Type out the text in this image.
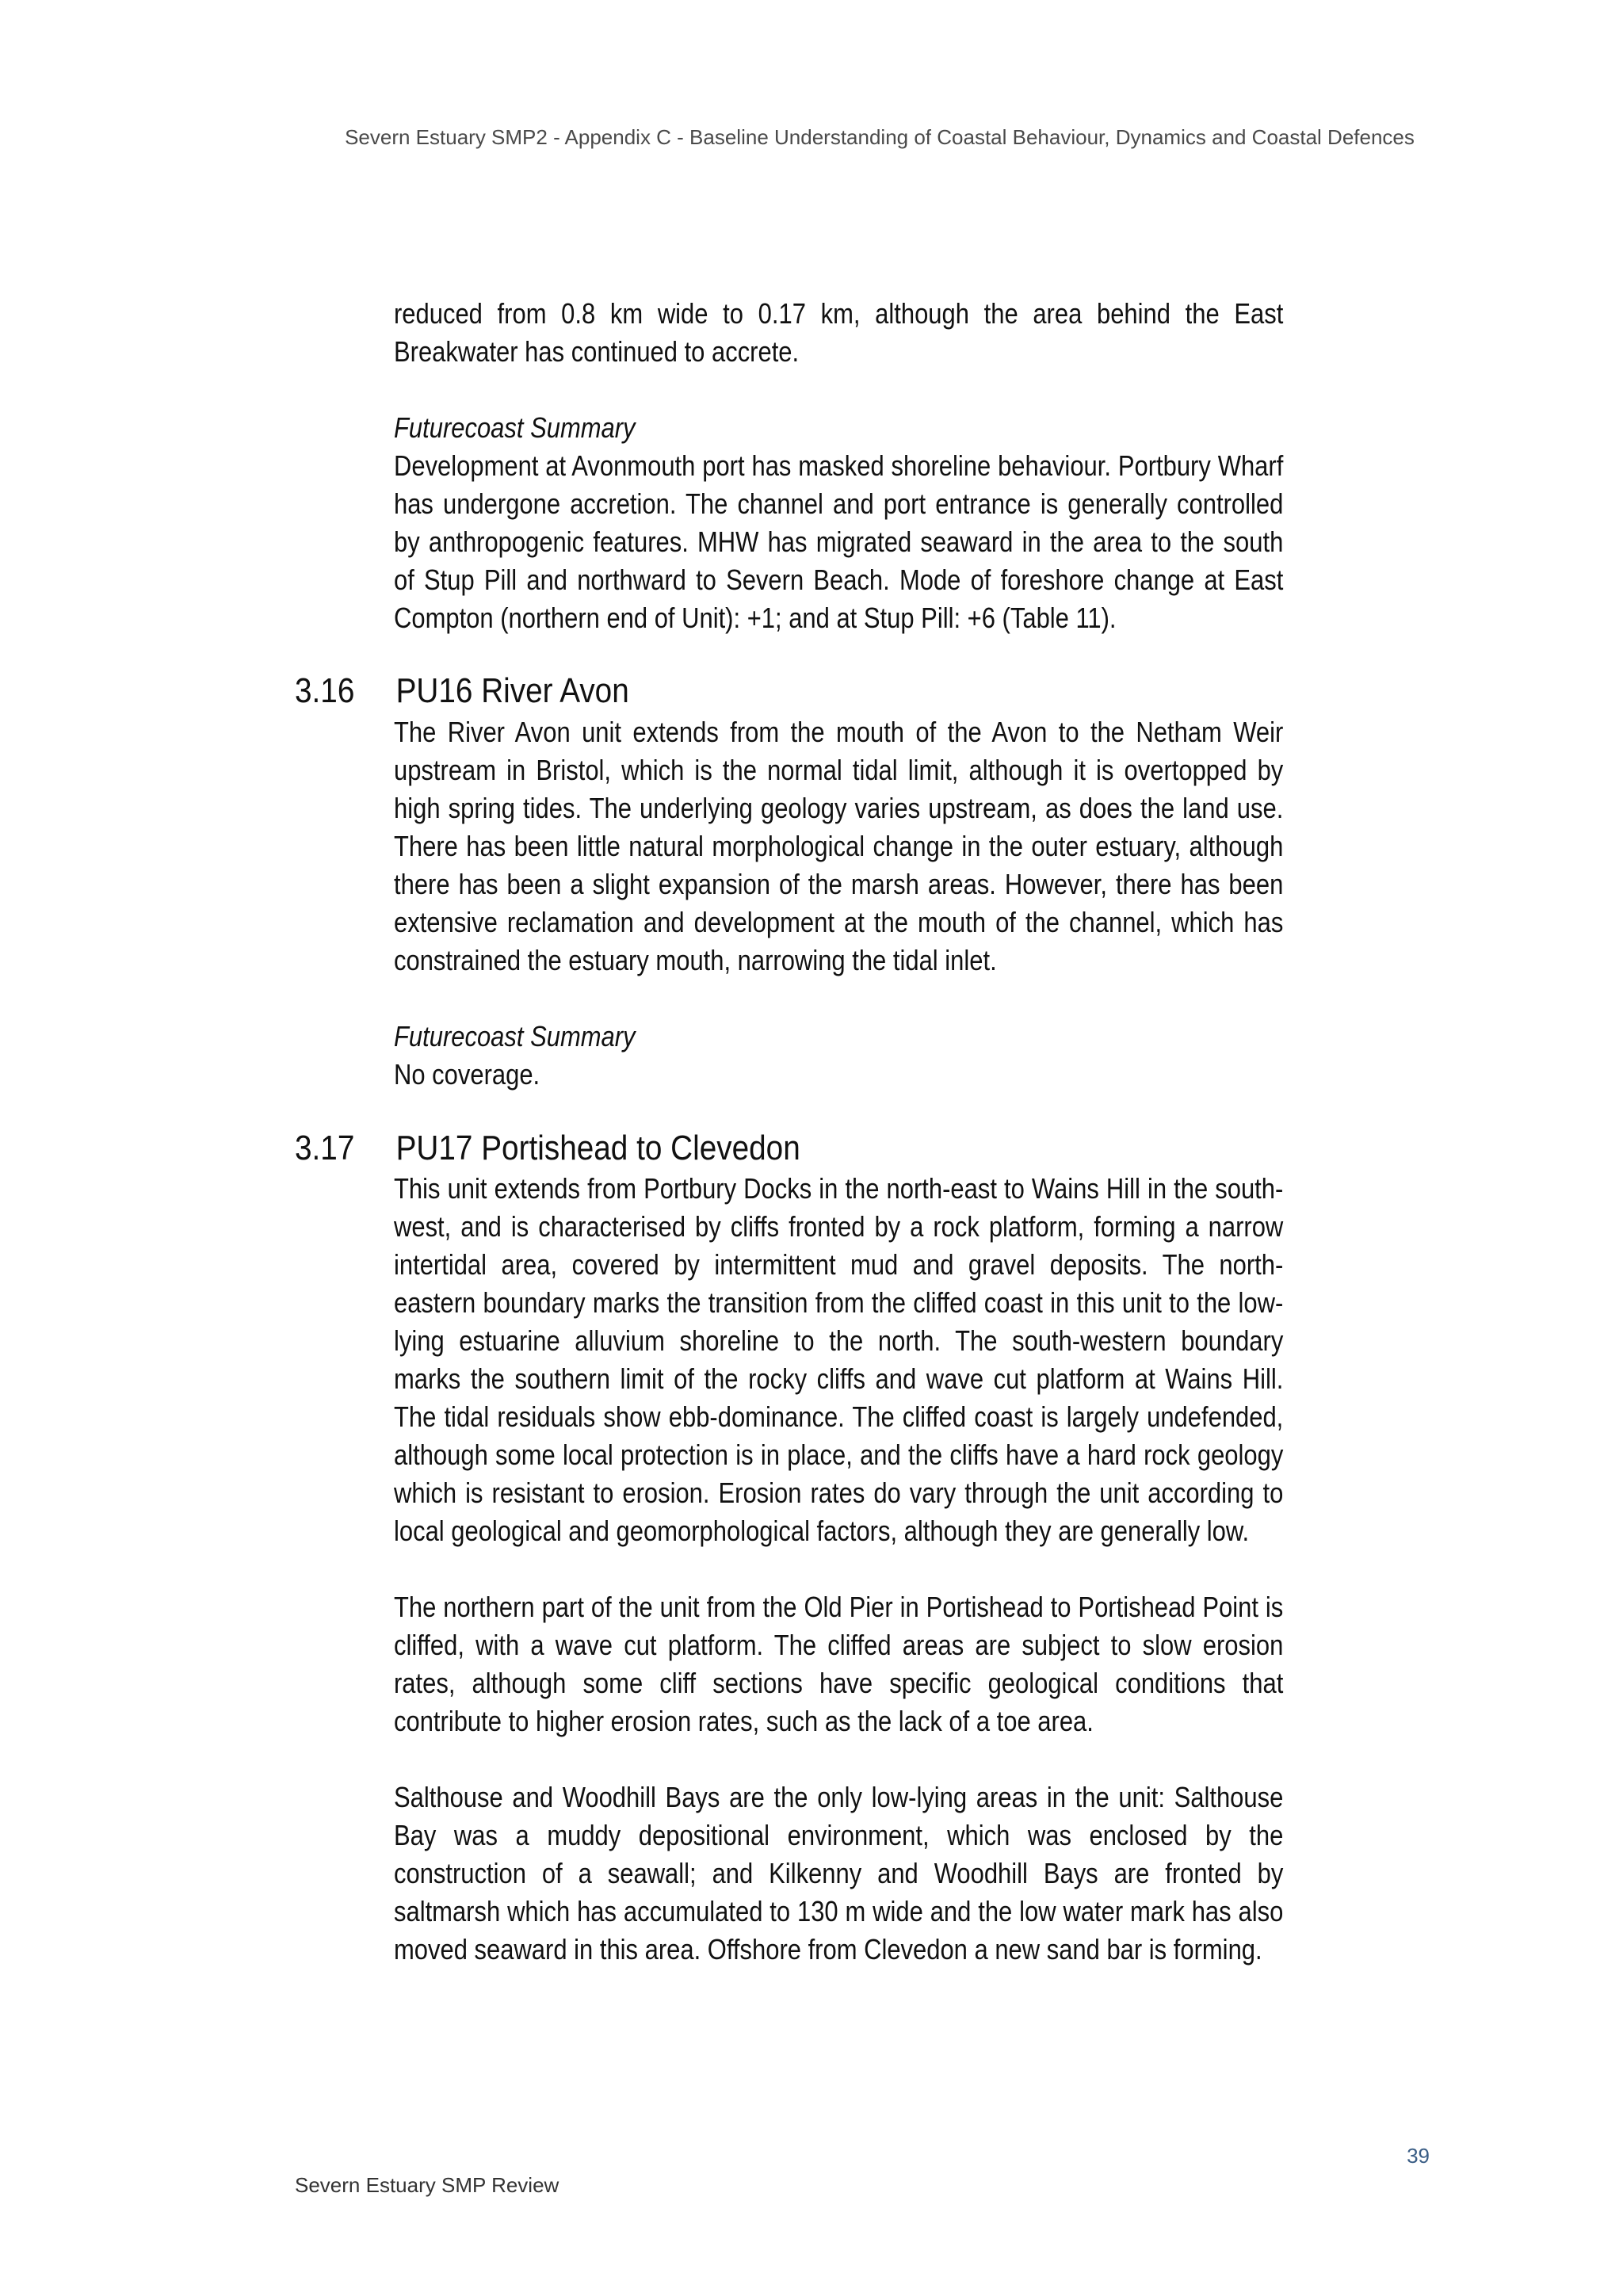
Severn Estuary SMP2 - Appendix C - Baseline Understanding of Coastal Behaviour, Dynamics and Coastal Defences

reduced from 0.8 km wide to 0.17 km, although the area behind the East Breakwater has continued to accrete.

Futurecoast Summary

Development at Avonmouth port has masked shoreline behaviour. Portbury Wharf has undergone accretion. The channel and port entrance is generally controlled by anthropogenic features. MHW has migrated seaward in the area to the south of Stup Pill and northward to Severn Beach. Mode of foreshore change at East Compton (northern end of Unit): +1; and at Stup Pill: +6 (Table 11).

3.16 PU16 River Avon

The River Avon unit extends from the mouth of the Avon to the Netham Weir upstream in Bristol, which is the normal tidal limit, although it is overtopped by high spring tides. The underlying geology varies upstream, as does the land use. There has been little natural morphological change in the outer estuary, although there has been a slight expansion of the marsh areas. However, there has been extensive reclamation and development at the mouth of the channel, which has constrained the estuary mouth, narrowing the tidal inlet.

Futurecoast Summary

No coverage.

3.17 PU17 Portishead to Clevedon

This unit extends from Portbury Docks in the north-east to Wains Hill in the south-west, and is characterised by cliffs fronted by a rock platform, forming a narrow intertidal area, covered by intermittent mud and gravel deposits. The north-eastern boundary marks the transition from the cliffed coast in this unit to the low-lying estuarine alluvium shoreline to the north. The south-western boundary marks the southern limit of the rocky cliffs and wave cut platform at Wains Hill. The tidal residuals show ebb-dominance. The cliffed coast is largely undefended, although some local protection is in place, and the cliffs have a hard rock geology which is resistant to erosion. Erosion rates do vary through the unit according to local geological and geomorphological factors, although they are generally low.

The northern part of the unit from the Old Pier in Portishead to Portishead Point is cliffed, with a wave cut platform. The cliffed areas are subject to slow erosion rates, although some cliff sections have specific geological conditions that contribute to higher erosion rates, such as the lack of a toe area.

Salthouse and Woodhill Bays are the only low-lying areas in the unit: Salthouse Bay was a muddy depositional environment, which was enclosed by the construction of a seawall; and Kilkenny and Woodhill Bays are fronted by saltmarsh which has accumulated to 130 m wide and the low water mark has also moved seaward in this area. Offshore from Clevedon a new sand bar is forming.

39
Severn Estuary SMP Review
